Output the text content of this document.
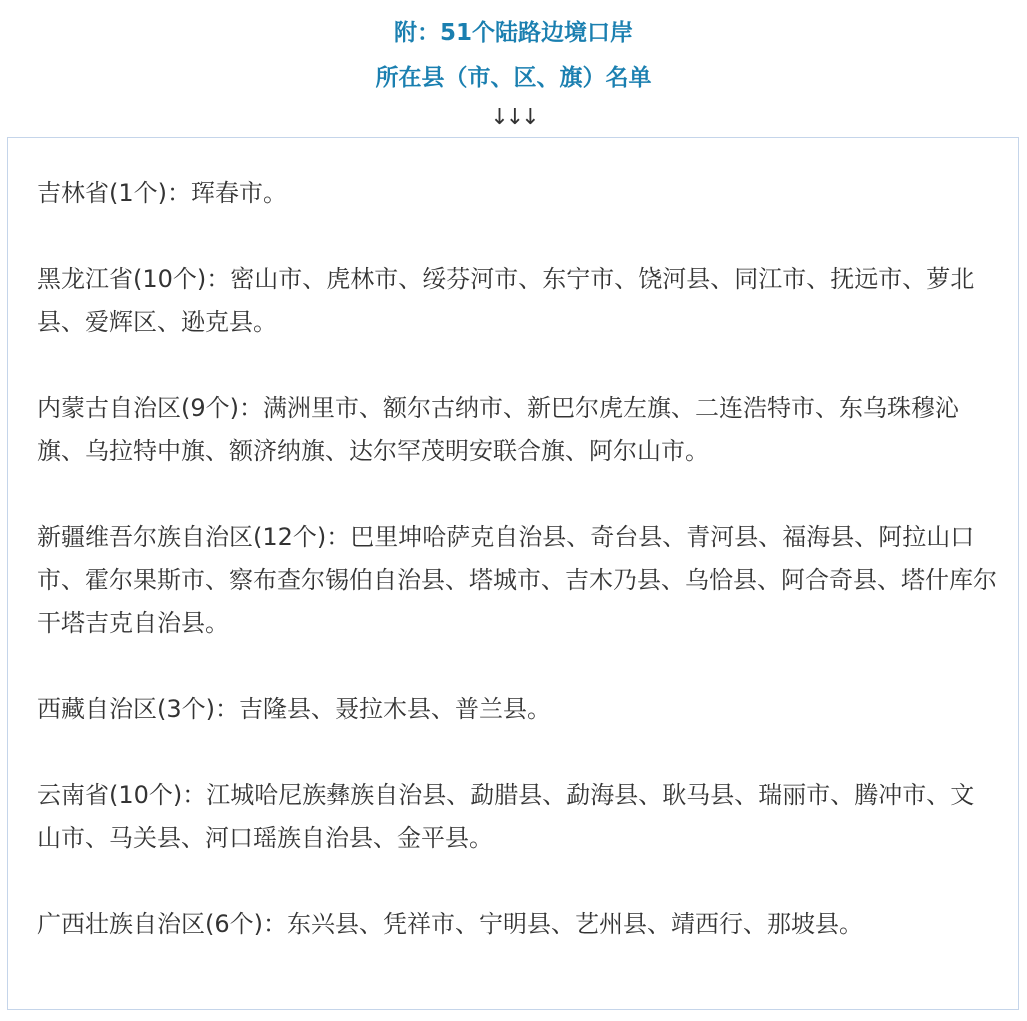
附：51个陆路边境口岸
所在县（市、区、旗）名单
↓↓↓

吉林省(1个)：珲春市。

黑龙江省(10个)：密山市、虎林市、绥芬河市、东宁市、饶河县、同江市、抚远市、萝北县、爱辉区、逊克县。

内蒙古自治区(9个)：满洲里市、额尔古纳市、新巴尔虎左旗、二连浩特市、东乌珠穆沁旗、乌拉特中旗、额济纳旗、达尔罕茂明安联合旗、阿尔山市。

新疆维吾尔族自治区(12个)：巴里坤哈萨克自治县、奇台县、青河县、福海县、阿拉山口市、霍尔果斯市、察布查尔锡伯自治县、塔城市、吉木乃县、乌恰县、阿合奇县、塔什库尔干塔吉克自治县。

西藏自治区(3个)：吉隆县、聂拉木县、普兰县。

云南省(10个)：江城哈尼族彝族自治县、勐腊县、勐海县、耿马县、瑞丽市、腾冲市、文山市、马关县、河口瑶族自治县、金平县。

广西壮族自治区(6个)：东兴县、凭祥市、宁明县、艺州县、靖西行、那坡县。
